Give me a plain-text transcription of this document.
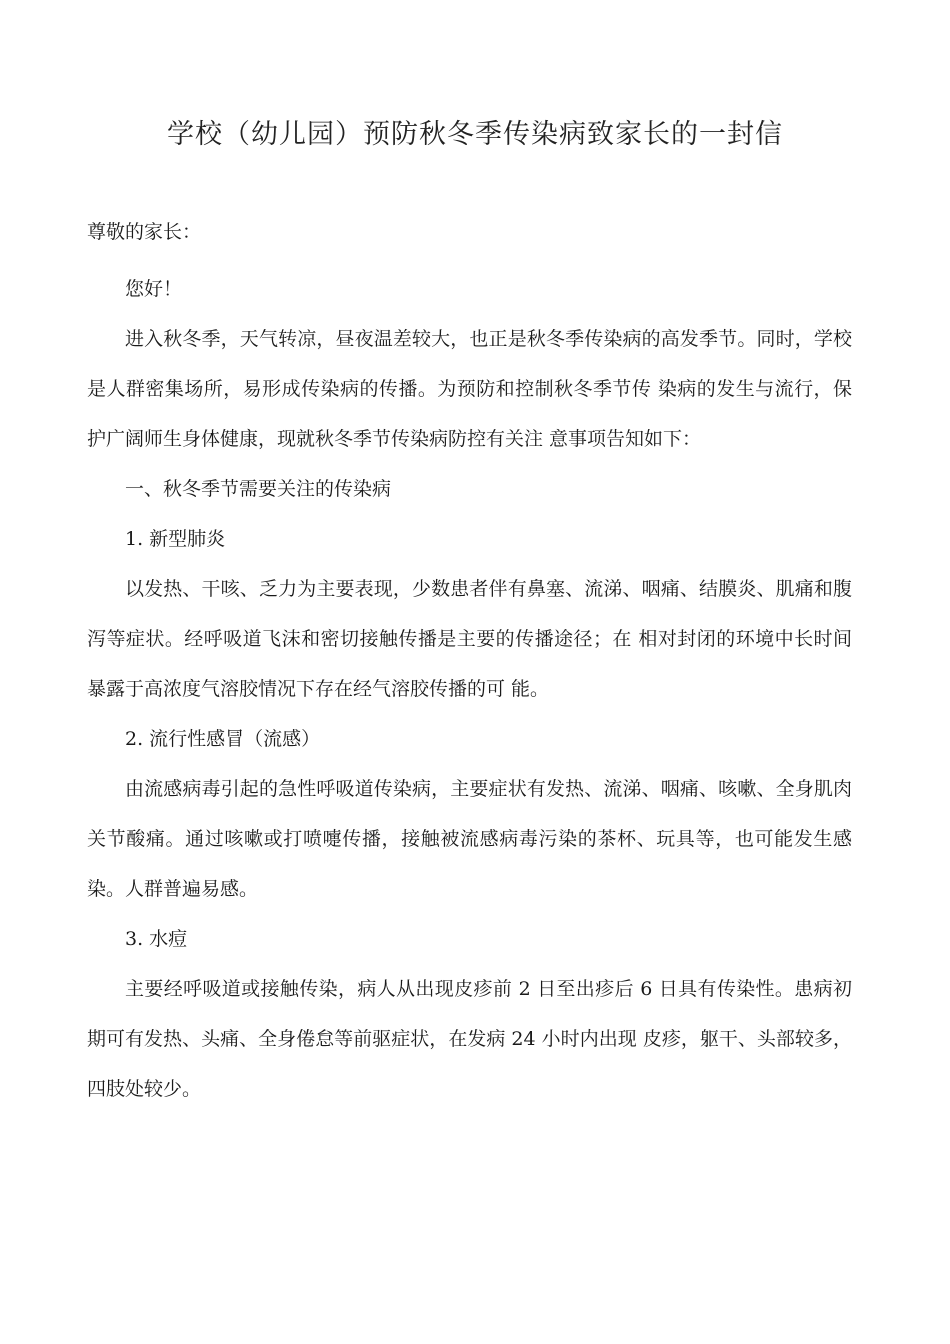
学校（幼儿园）预防秋冬季传染病致家长的一封信
尊敬的家长：

您好！

进入秋冬季，天气转凉，昼夜温差较大，也正是秋冬季传染病的高发季节。同时，学校是人群密集场所，易形成传染病的传播。为预防和控制秋冬季节传 染病的发生与流行，保护广阔师生身体健康，现就秋冬季节传染病防控有关注 意事项告知如下：

一、秋冬季节需要关注的传染病

1. 新型肺炎

以发热、干咳、乏力为主要表现，少数患者伴有鼻塞、流涕、咽痛、结膜炎、肌痛和腹泻等症状。经呼吸道飞沫和密切接触传播是主要的传播途径；在 相对封闭的环境中长时间暴露于高浓度气溶胶情况下存在经气溶胶传播的可 能。

2. 流行性感冒（流感）

由流感病毒引起的急性呼吸道传染病，主要症状有发热、流涕、咽痛、咳嗽、全身肌肉关节酸痛。通过咳嗽或打喷嚏传播，接触被流感病毒污染的茶杯、玩具等，也可能发生感染。人群普遍易感。

3. 水痘

主要经呼吸道或接触传染，病人从出现皮疹前 2 日至出疹后 6 日具有传染性。患病初期可有发热、头痛、全身倦怠等前驱症状，在发病 24 小时内出现 皮疹，躯干、头部较多，四肢处较少。
